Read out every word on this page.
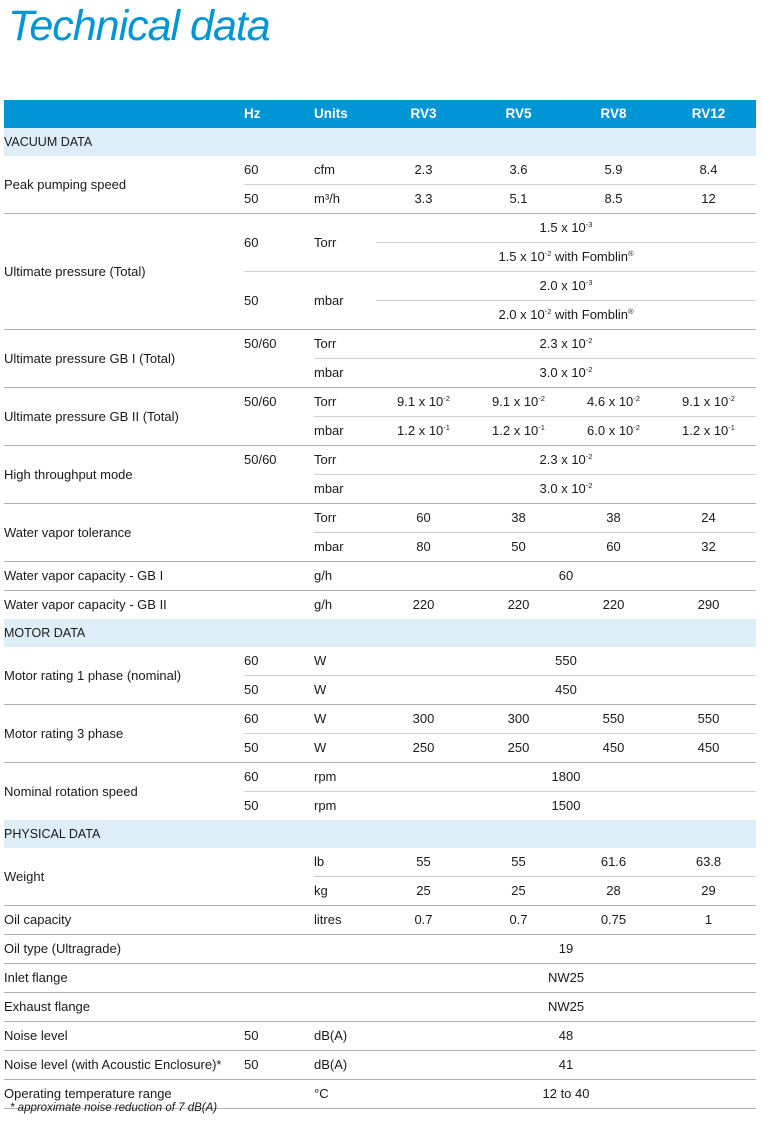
Technical data
	Hz	Units	RV3	RV5	RV8	RV12
VACUUM DATA						
Peak pumping speed	60	cfm	2.3	3.6	5.9	8.4
	50	m³/h	3.3	5.1	8.5	12
Ultimate pressure (Total)	60	Torr	1.5 x $10^{-3}$
			1.5 x $10^{-2}$ with Fomblin®
	50	mbar	2.0 x $10^{-3}$
			2.0 x $10^{-2}$ with Fomblin®
Ultimate pressure GB I (Total)	50/60	Torr	2.3 x $10^{-2}$
		mbar	3.0 x $10^{-2}$
Ultimate pressure GB II (Total)	50/60	Torr	9.1 x $10^{-2}$	9.1 x $10^{-2}$	4.6 x $10^{-2}$	9.1 x $10^{-2}$
		mbar	1.2 x $10^{-1}$	1.2 x $10^{-1}$	6.0 x $10^{-2}$	1.2 x $10^{-1}$
High throughput mode	50/60	Torr	2.3 x $10^{-2}$
		mbar	3.0 x $10^{-2}$
Water vapor tolerance		Torr	60	38	38	24
		mbar	80	50	60	32
Water vapor capacity - GB I		g/h	60			
Water vapor capacity - GB II		g/h	220	220	220	290
MOTOR DATA						
Motor rating 1 phase (nominal)	60	W	550			
	50	W	450			
Motor rating 3 phase	60	W	300	300	550	550
	50	W	250	250	450	450
Nominal rotation speed	60	rpm	1800			
	50	rpm	1500			
PHYSICAL DATA						
Weight		lb	55	55	61.6	63.8
		kg	25	25	28	29
Oil capacity		litres	0.7	0.7	0.75	1
Oil type (Ultragrade)			19			
Inlet flange			NW25			
Exhaust flange			NW25			
Noise level	50	dB(A)	48			
Noise level (with Acoustic Enclosure)*	50	dB(A)	41			
Operating temperature range		°C	12 to 40			

* approximate noise reduction of 7 dB(A)
